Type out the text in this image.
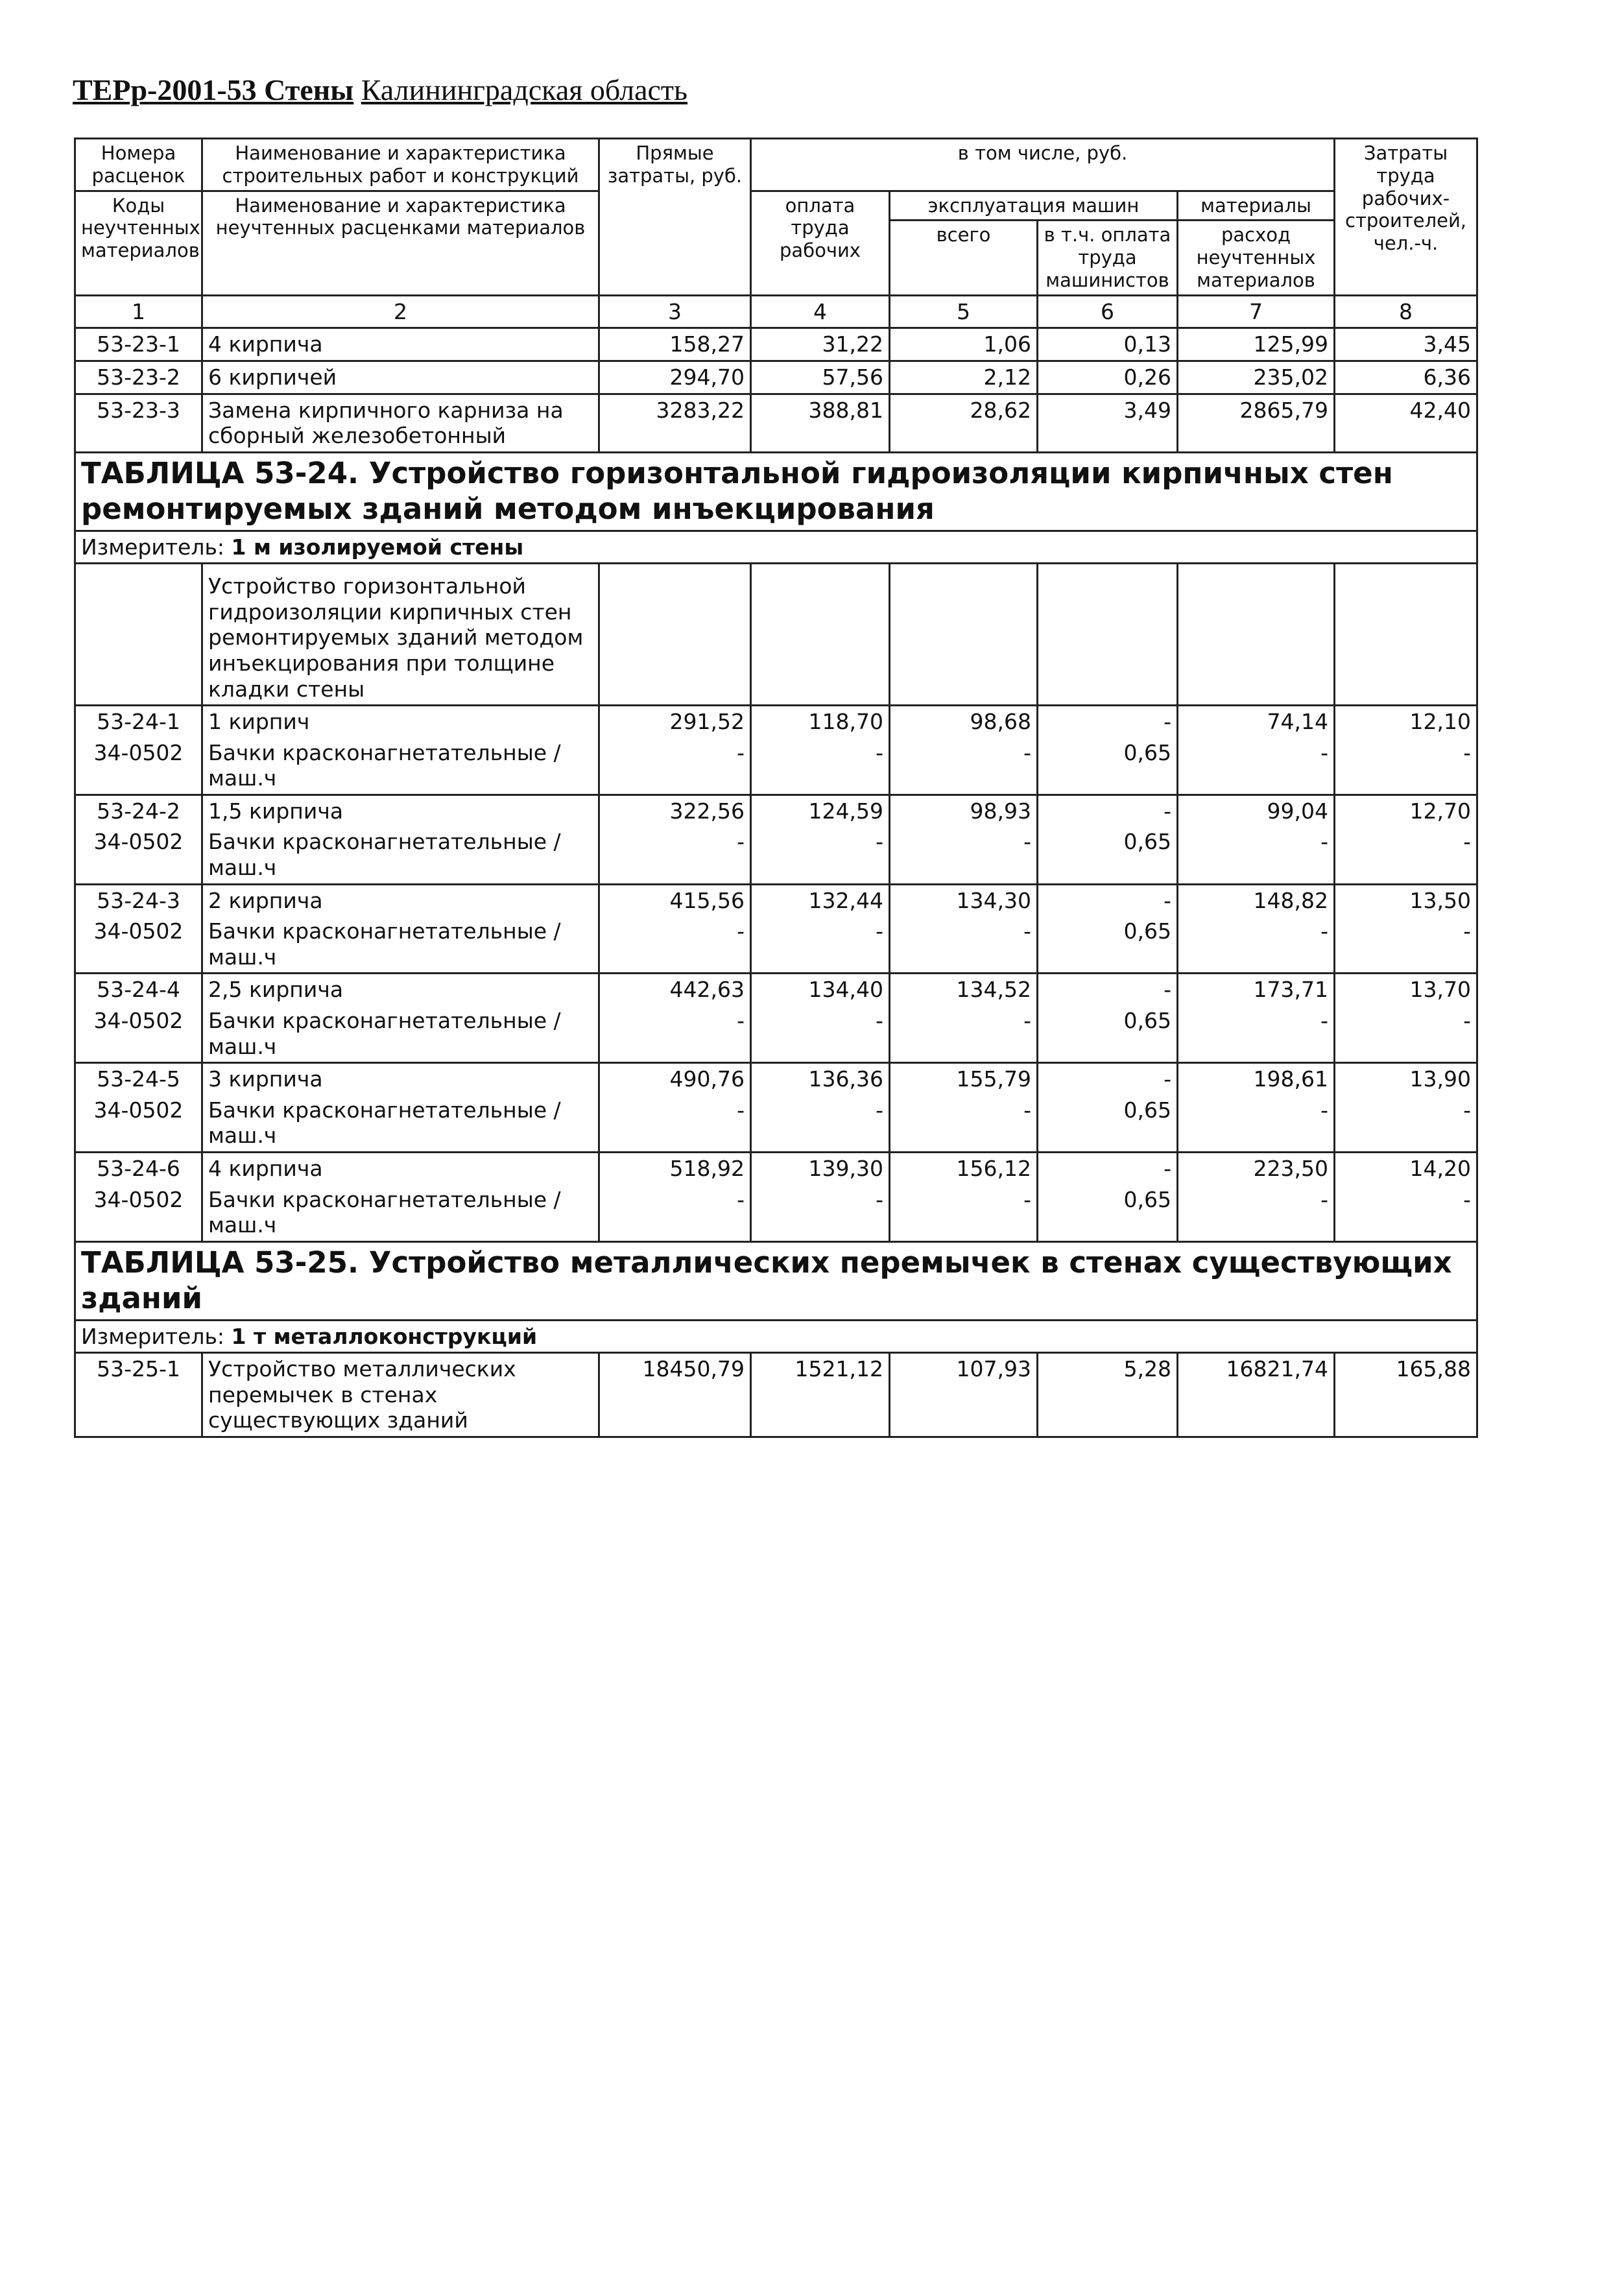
ТЕРр-2001-53 Стены Калининградская область
Номера расценок	Наименование и характеристика строительных работ и конструкций	Прямые затраты, руб.	в том числе, руб.				Затраты труда рабочих-строителей, чел.-ч.
Коды неучтенных материалов	Наименование и характеристика неучтенных расценками материалов		оплата труда рабочих	эксплуатация машин		материалы	
				всего	в т.ч. оплата труда машинистов	расход неучтенных материалов	
1	2	3	4	5	6	7	8
53-23-1	4 кирпича	158,27	31,22	1,06	0,13	125,99	3,45
53-23-2	6 кирпичей	294,70	57,56	2,12	0,26	235,02	6,36
53-23-3	Замена кирпичного карниза на сборный железобетонный	3283,22	388,81	28,62	3,49	2865,79	42,40
ТАБЛИЦА 53-24. Устройство горизонтальной гидроизоляции кирпичных стен ремонтируемых зданий методом инъекцирования							
Измеритель: 1 м изолируемой стены							
	Устройство горизонтальной гидроизоляции кирпичных стен ремонтируемых зданий методом инъекцирования при толщине кладки стены						
53-24-1	1 кирпич	291,52	118,70	98,68	-	74,14	12,10
34-0502	Бачки красконагнетательные / маш.ч	-	-	-	0,65	-	-
53-24-2	1,5 кирпича	322,56	124,59	98,93	-	99,04	12,70
34-0502	Бачки красконагнетательные / маш.ч	-	-	-	0,65	-	-
53-24-3	2 кирпича	415,56	132,44	134,30	-	148,82	13,50
34-0502	Бачки красконагнетательные / маш.ч	-	-	-	0,65	-	-
53-24-4	2,5 кирпича	442,63	134,40	134,52	-	173,71	13,70
34-0502	Бачки красконагнетательные / маш.ч	-	-	-	0,65	-	-
53-24-5	3 кирпича	490,76	136,36	155,79	-	198,61	13,90
34-0502	Бачки красконагнетательные / маш.ч	-	-	-	0,65	-	-
53-24-6	4 кирпича	518,92	139,30	156,12	-	223,50	14,20
34-0502	Бачки красконагнетательные / маш.ч	-	-	-	0,65	-	-
ТАБЛИЦА 53-25. Устройство металлических перемычек в стенах существующих зданий							
Измеритель: 1 т металлоконструкций							
53-25-1	Устройство металлических перемычек в стенах существующих зданий	18450,79	1521,12	107,93	5,28	16821,74	165,88
